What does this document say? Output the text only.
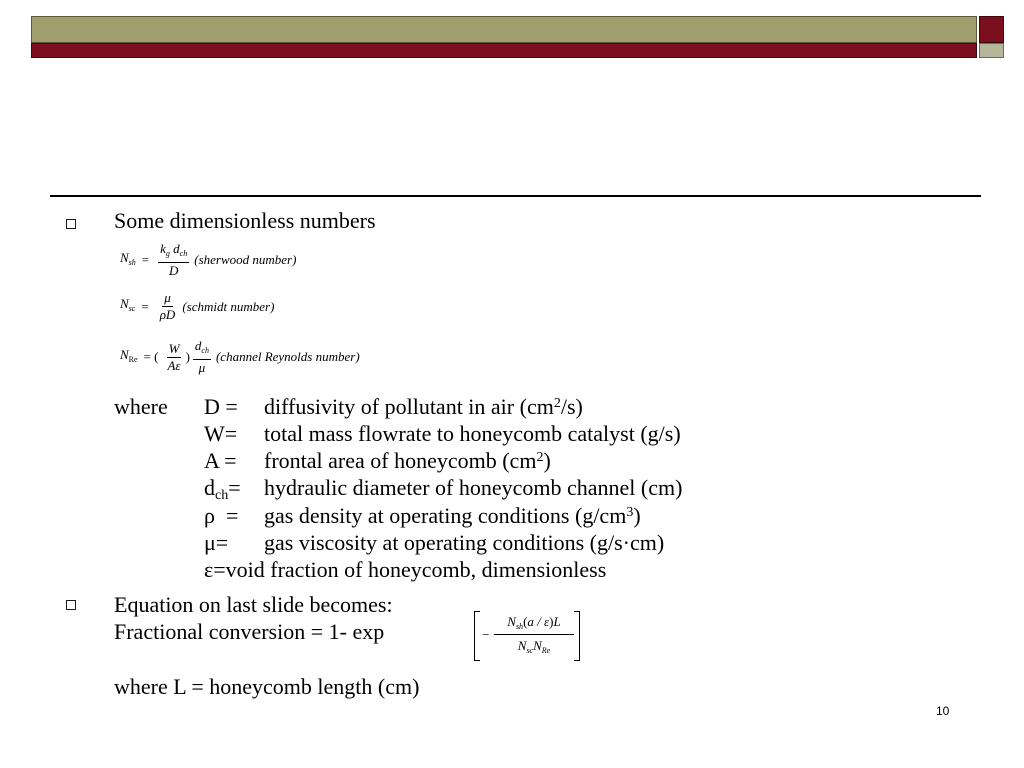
Some dimensionless numbers
$N_{sh} = \frac{k_g d_{ch}}{D}$ (sherwood number)
$N_{sc} = \frac{\mu}{\rho D}$ (schmidt number)
$N_{Re}$ = ( $\frac{W}{A\varepsilon}$ ) $\frac{d_{ch}}{\mu}$ (channel Reynolds number)
where D = diffusivity of pollutant in air $(cm^2/s)$
W= total mass flowrate to honeycomb catalyst (g/s)
A = frontal area of honeycomb $(cm^2)$
$d_{ch}=$ hydraulic diameter of honeycomb channel (cm)
ρ  = gas density at operating conditions $(g/cm^3)$
μ= gas viscosity at operating conditions (g/s·cm)
ε=void fraction of honeycomb, dimensionless
Equation on last slide becomes:
Fractional conversion = 1- exp	−
$N_{sh}(a / \varepsilon)L$
$N_{sc}N_{Re}$
where L = honeycomb length (cm)
10
